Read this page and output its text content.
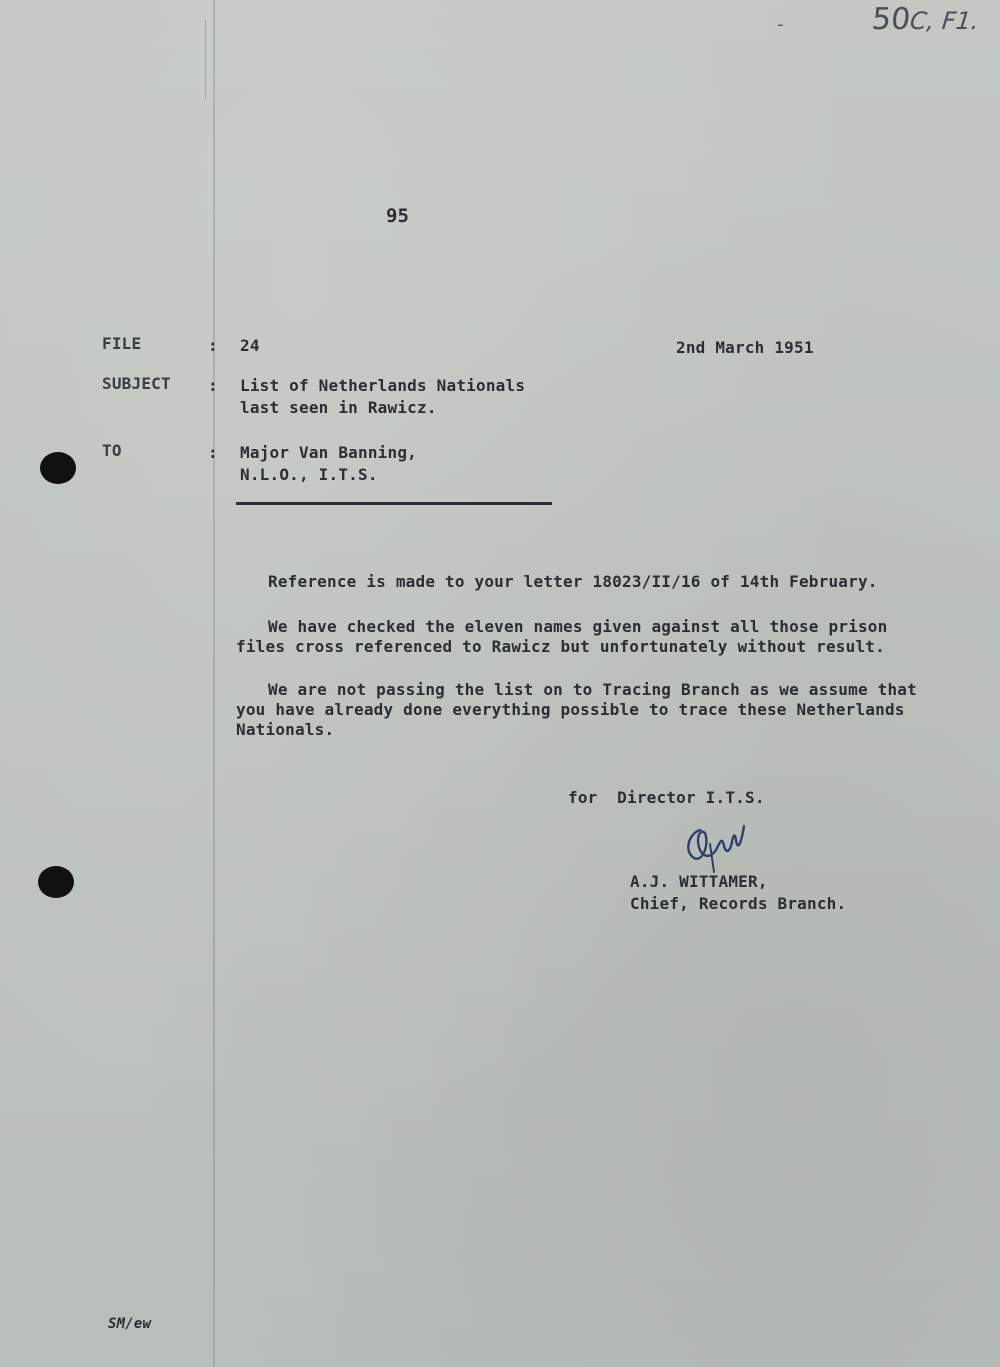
-	50C, F1.
95
FILE	: 24	2nd March 1951
SUBJECT : List of Netherlands Nationals
last seen in Rawicz.
TO	: Major Van Banning,
N.L.O., I.T.S.
Reference is made to your letter 18023/II/16 of 14th February.
We have checked the eleven names given against all those prison
files cross referenced to Rawicz but unfortunately without result.
We are not passing the list on to Tracing Branch as we assume that
you have already done everything possible to trace these Netherlands
Nationals.
for  Director I.T.S.
A.J. WITTAMER,
Chief, Records Branch.
SM/ew
